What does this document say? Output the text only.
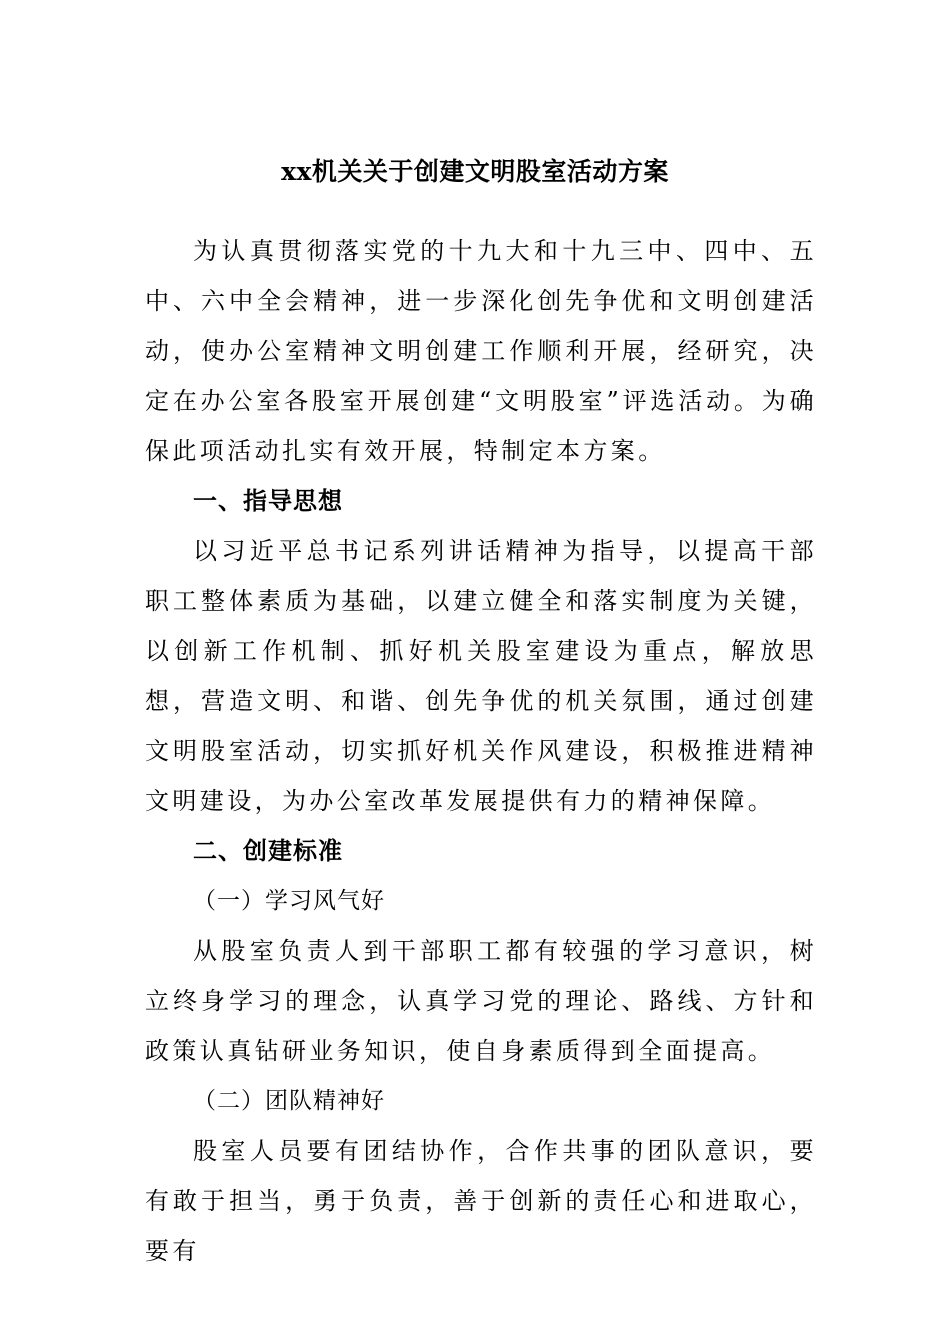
xx机关关于创建文明股室活动方案

为认真贯彻落实党的十九大和十九三中、四中、五中、六中全会精神，进一步深化创先争优和文明创建活动，使办公室精神文明创建工作顺利开展，经研究，决定在办公室各股室开展创建“文明股室”评选活动。为确保此项活动扎实有效开展，特制定本方案。

一、指导思想

以习近平总书记系列讲话精神为指导，以提高干部职工整体素质为基础，以建立健全和落实制度为关键，以创新工作机制、抓好机关股室建设为重点，解放思想，营造文明、和谐、创先争优的机关氛围，通过创建文明股室活动，切实抓好机关作风建设，积极推进精神文明建设，为办公室改革发展提供有力的精神保障。

二、创建标准

（一）学习风气好

从股室负责人到干部职工都有较强的学习意识，树立终身学习的理念，认真学习党的理论、路线、方针和政策认真钻研业务知识，使自身素质得到全面提高。

（二）团队精神好

股室人员要有团结协作，合作共事的团队意识，要有敢于担当，勇于负责，善于创新的责任心和进取心，要有
